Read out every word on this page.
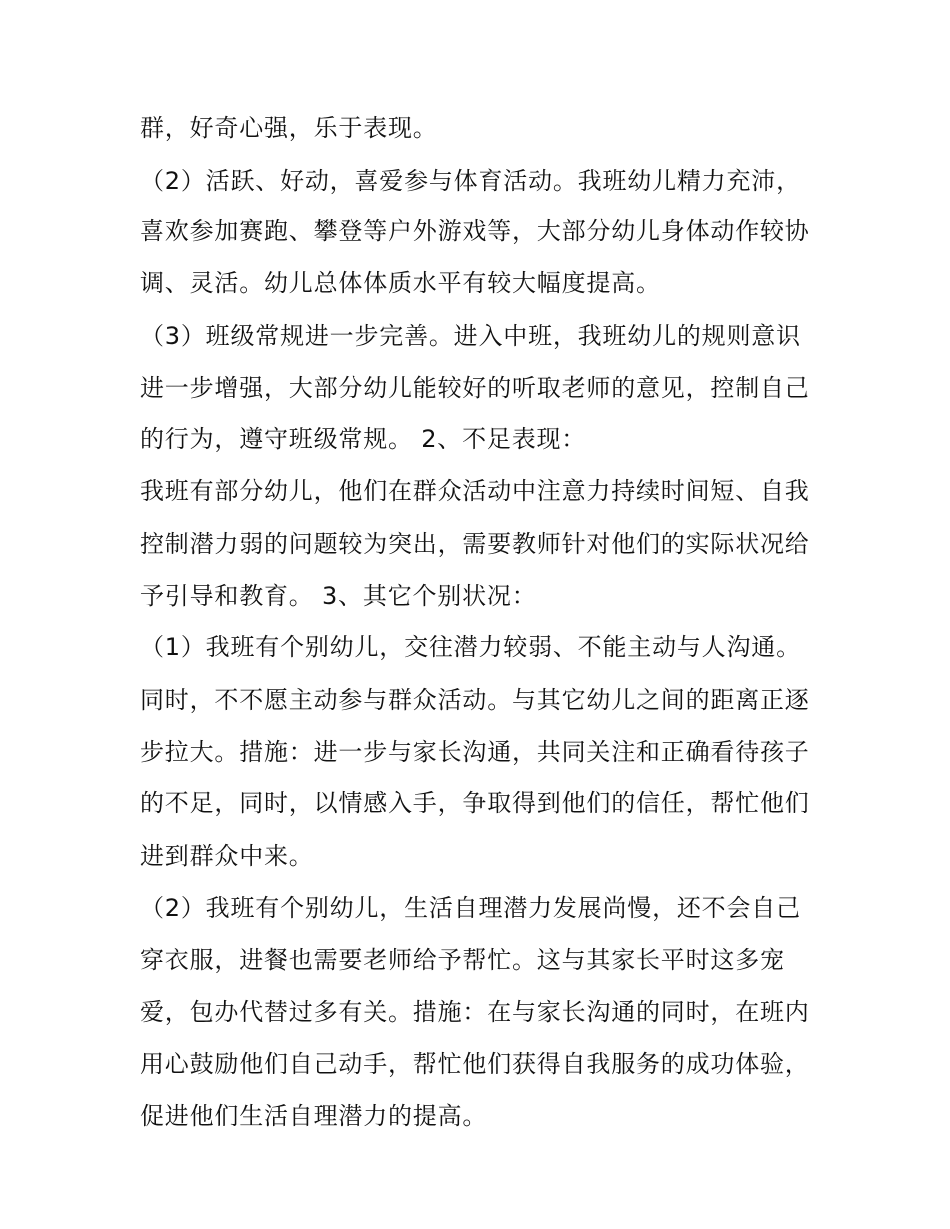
群，好奇心强，乐于表现。
（2）活跃、好动，喜爱参与体育活动。我班幼儿精力充沛，
喜欢参加赛跑、攀登等户外游戏等，大部分幼儿身体动作较协
调、灵活。幼儿总体体质水平有较大幅度提高。
（3）班级常规进一步完善。进入中班，我班幼儿的规则意识
进一步增强，大部分幼儿能较好的听取老师的意见，控制自己
的行为，遵守班级常规。 2、不足表现：
我班有部分幼儿，他们在群众活动中注意力持续时间短、自我
控制潜力弱的问题较为突出，需要教师针对他们的实际状况给
予引导和教育。 3、其它个别状况：
（1）我班有个别幼儿，交往潜力较弱、不能主动与人沟通。
同时，不不愿主动参与群众活动。与其它幼儿之间的距离正逐
步拉大。措施：进一步与家长沟通，共同关注和正确看待孩子
的不足，同时，以情感入手，争取得到他们的信任，帮忙他们
进到群众中来。
（2）我班有个别幼儿，生活自理潜力发展尚慢，还不会自己
穿衣服，进餐也需要老师给予帮忙。这与其家长平时这多宠
爱，包办代替过多有关。措施：在与家长沟通的同时，在班内
用心鼓励他们自己动手，帮忙他们获得自我服务的成功体验，
促进他们生活自理潜力的提高。
